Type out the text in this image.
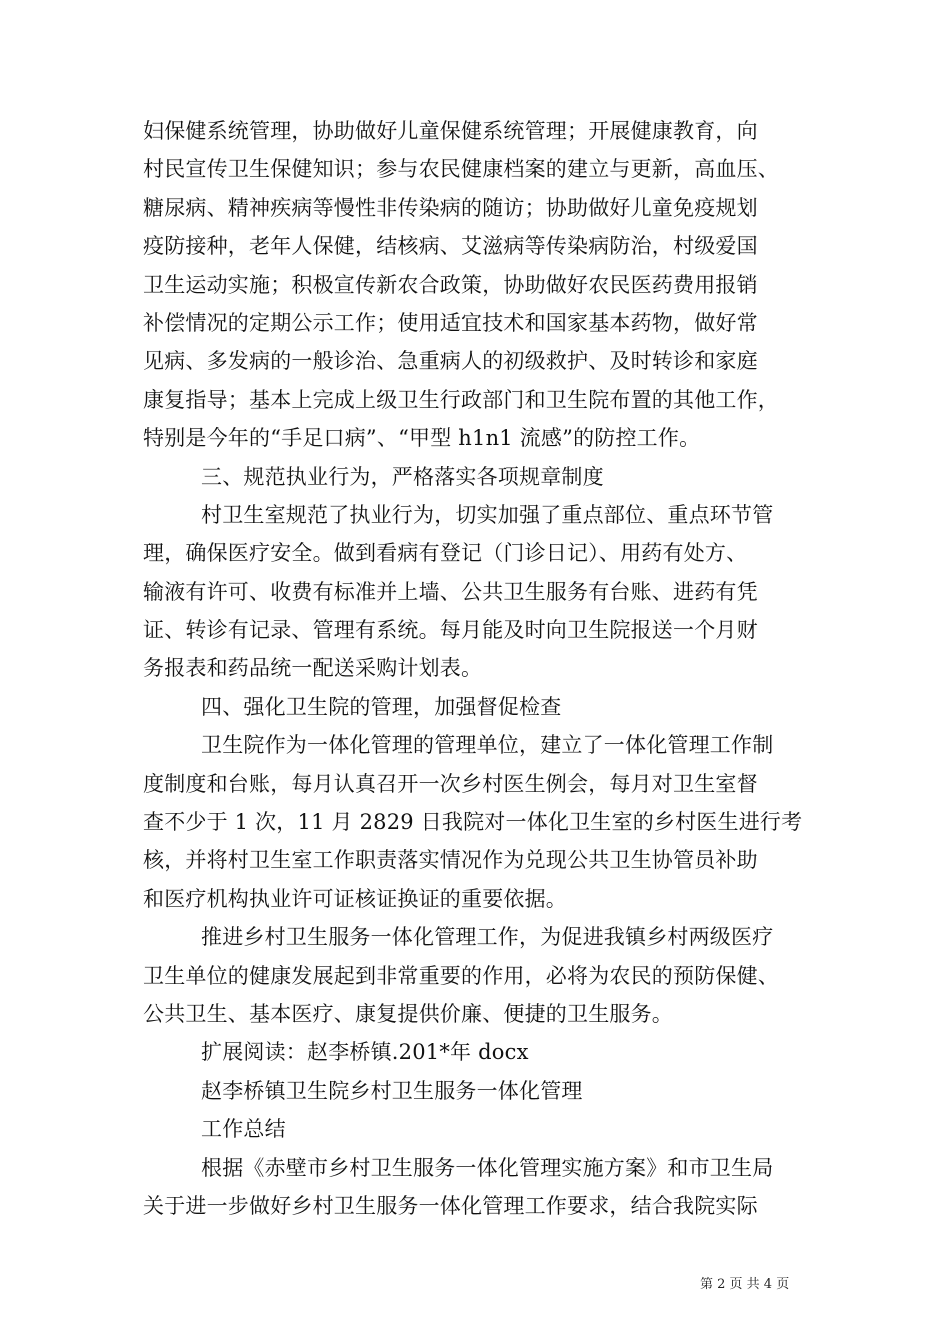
妇保健系统管理，协助做好儿童保健系统管理；开展健康教育，向
村民宣传卫生保健知识；参与农民健康档案的建立与更新，高血压、
糖尿病、精神疾病等慢性非传染病的随访；协助做好儿童免疫规划
疫防接种，老年人保健，结核病、艾滋病等传染病防治，村级爱国
卫生运动实施；积极宣传新农合政策，协助做好农民医药费用报销
补偿情况的定期公示工作；使用适宜技术和国家基本药物，做好常
见病、多发病的一般诊治、急重病人的初级救护、及时转诊和家庭
康复指导；基本上完成上级卫生行政部门和卫生院布置的其他工作，
特别是今年的“手足口病”、“甲型 h1n1 流感”的防控工作。
三、规范执业行为，严格落实各项规章制度
村卫生室规范了执业行为，切实加强了重点部位、重点环节管
理，确保医疗安全。做到看病有登记（门诊日记）、用药有处方、
输液有许可、收费有标准并上墙、公共卫生服务有台账、进药有凭
证、转诊有记录、管理有系统。每月能及时向卫生院报送一个月财
务报表和药品统一配送采购计划表。
四、强化卫生院的管理，加强督促检查
卫生院作为一体化管理的管理单位，建立了一体化管理工作制
度制度和台账，每月认真召开一次乡村医生例会，每月对卫生室督
查不少于 1 次，11 月 2829 日我院对一体化卫生室的乡村医生进行考
核，并将村卫生室工作职责落实情况作为兑现公共卫生协管员补助
和医疗机构执业许可证核证换证的重要依据。
推进乡村卫生服务一体化管理工作，为促进我镇乡村两级医疗
卫生单位的健康发展起到非常重要的作用，必将为农民的预防保健、
公共卫生、基本医疗、康复提供价廉、便捷的卫生服务。
扩展阅读：赵李桥镇.201*年 docx
赵李桥镇卫生院乡村卫生服务一体化管理
工作总结
根据《赤壁市乡村卫生服务一体化管理实施方案》和市卫生局
关于进一步做好乡村卫生服务一体化管理工作要求，结合我院实际
第 2 页 共 4 页
